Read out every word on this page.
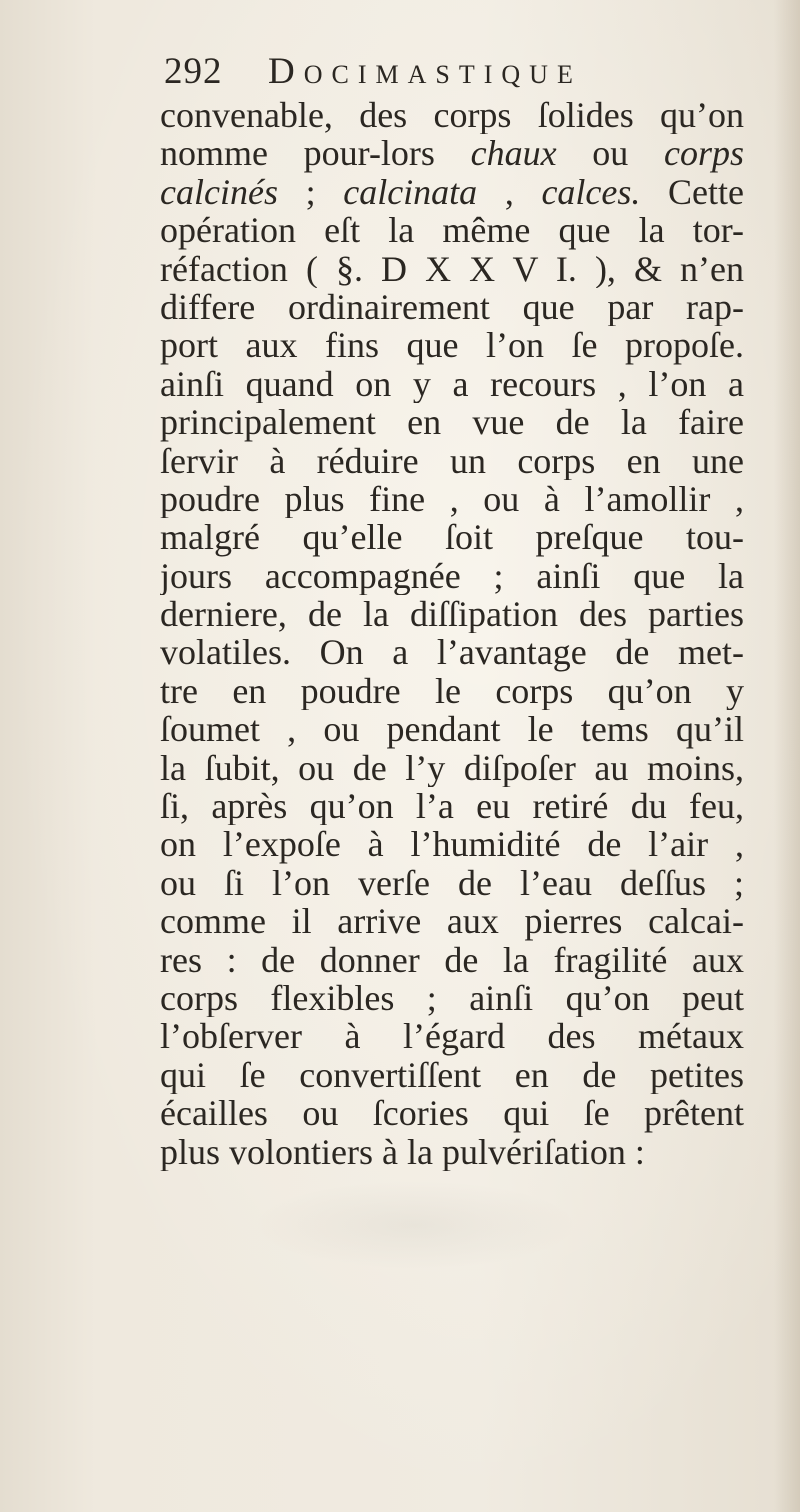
292 Docimastique
convenable, des corps ſolides qu’on
nomme pour-lors chaux ou corps
calcinés ; calcinata , calces. Cette
opération eſt la même que la tor-
réfaction ( §. D X X V I. ), & n’en
differe ordinairement que par rap-
port aux fins que l’on ſe propoſe.
ainſi quand on y a recours , l’on a
principalement en vue de la faire
ſervir à réduire un corps en une
poudre plus fine , ou à l’amollir ,
malgré qu’elle ſoit preſque tou-
jours accompagnée ; ainſi que la
derniere, de la diſſipation des parties
volatiles. On a l’avantage de met-
tre en poudre le corps qu’on y
ſoumet , ou pendant le tems qu’il
la ſubit, ou de l’y diſpoſer au moins,
ſi, après qu’on l’a eu retiré du feu,
on l’expoſe à l’humidité de l’air ,
ou ſi l’on verſe de l’eau deſſus ;
comme il arrive aux pierres calcai-
res : de donner de la fragilité aux
corps flexibles ; ainſi qu’on peut
l’obſerver à l’égard des métaux
qui ſe convertiſſent en de petites
écailles ou ſcories qui ſe prêtent
plus volontiers à la pulvériſation :
